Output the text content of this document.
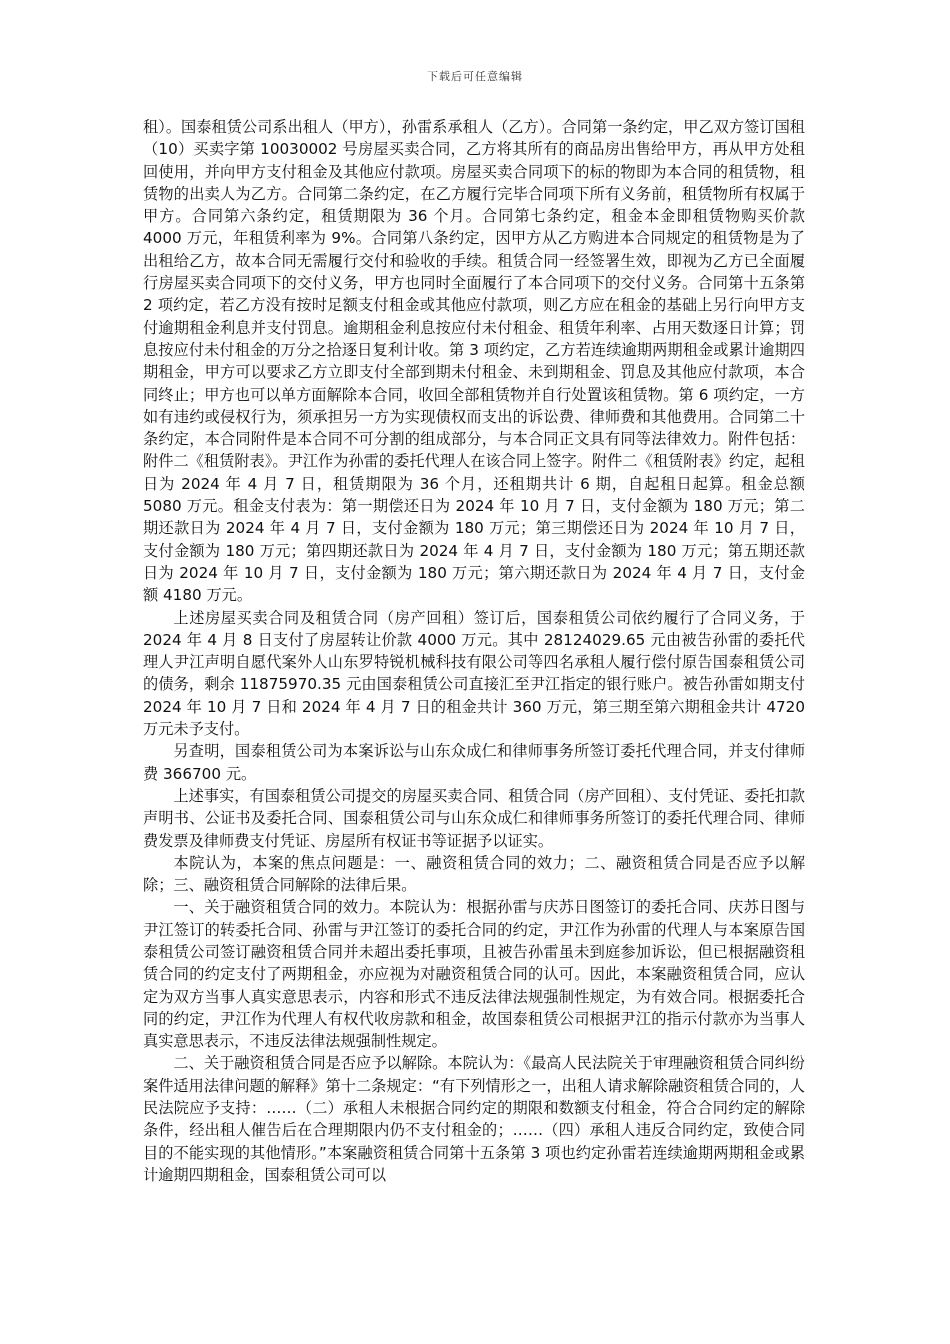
下载后可任意编辑

租）。国泰租赁公司系出租人（甲方），孙雷系承租人（乙方）。合同第一条约定，甲乙双方签订国租（10）买卖字第 10030002 号房屋买卖合同，乙方将其所有的商品房出售给甲方，再从甲方处租回使用，并向甲方支付租金及其他应付款项。房屋买卖合同项下的标的物即为本合同的租赁物，租赁物的出卖人为乙方。合同第二条约定，在乙方履行完毕合同项下所有义务前，租赁物所有权属于甲方。合同第六条约定，租赁期限为 36 个月。合同第七条约定，租金本金即租赁物购买价款 4000 万元，年租赁利率为 9%。合同第八条约定，因甲方从乙方购进本合同规定的租赁物是为了出租给乙方，故本合同无需履行交付和验收的手续。租赁合同一经签署生效，即视为乙方已全面履行房屋买卖合同项下的交付义务，甲方也同时全面履行了本合同项下的交付义务。合同第十五条第 2 项约定，若乙方没有按时足额支付租金或其他应付款项，则乙方应在租金的基础上另行向甲方支付逾期租金利息并支付罚息。逾期租金利息按应付未付租金、租赁年利率、占用天数逐日计算；罚息按应付未付租金的万分之拾逐日复利计收。第 3 项约定，乙方若连续逾期两期租金或累计逾期四期租金，甲方可以要求乙方立即支付全部到期未付租金、未到期租金、罚息及其他应付款项，本合同终止；甲方也可以单方面解除本合同，收回全部租赁物并自行处置该租赁物。第 6 项约定，一方如有违约或侵权行为，须承担另一方为实现债权而支出的诉讼费、律师费和其他费用。合同第二十条约定，本合同附件是本合同不可分割的组成部分，与本合同正文具有同等法律效力。附件包括：附件二《租赁附表》。尹江作为孙雷的委托代理人在该合同上签字。附件二《租赁附表》约定，起租日为 2024 年 4 月 7 日，租赁期限为 36 个月，还租期共计 6 期，自起租日起算。租金总额 5080 万元。租金支付表为：第一期偿还日为 2024 年 10 月 7 日，支付金额为 180 万元；第二期还款日为 2024 年 4 月 7 日，支付金额为 180 万元；第三期偿还日为 2024 年 10 月 7 日，支付金额为 180 万元；第四期还款日为 2024 年 4 月 7 日，支付金额为 180 万元；第五期还款日为 2024 年 10 月 7 日，支付金额为 180 万元；第六期还款日为 2024 年 4 月 7 日，支付金额 4180 万元。

上述房屋买卖合同及租赁合同（房产回租）签订后，国泰租赁公司依约履行了合同义务，于 2024 年 4 月 8 日支付了房屋转让价款 4000 万元。其中 28124029.65 元由被告孙雷的委托代理人尹江声明自愿代案外人山东罗特锐机械科技有限公司等四名承租人履行偿付原告国泰租赁公司的债务，剩余 11875970.35 元由国泰租赁公司直接汇至尹江指定的银行账户。被告孙雷如期支付 2024 年 10 月 7 日和 2024 年 4 月 7 日的租金共计 360 万元，第三期至第六期租金共计 4720 万元未予支付。

另查明，国泰租赁公司为本案诉讼与山东众成仁和律师事务所签订委托代理合同，并支付律师费 366700 元。

上述事实，有国泰租赁公司提交的房屋买卖合同、租赁合同（房产回租）、支付凭证、委托扣款声明书、公证书及委托合同、国泰租赁公司与山东众成仁和律师事务所签订的委托代理合同、律师费发票及律师费支付凭证、房屋所有权证书等证据予以证实。

本院认为，本案的焦点问题是：一、融资租赁合同的效力；二、融资租赁合同是否应予以解除；三、融资租赁合同解除的法律后果。

一、关于融资租赁合同的效力。本院认为：根据孙雷与庆苏日图签订的委托合同、庆苏日图与尹江签订的转委托合同、孙雷与尹江签订的委托合同的约定，尹江作为孙雷的代理人与本案原告国泰租赁公司签订融资租赁合同并未超出委托事项，且被告孙雷虽未到庭参加诉讼，但已根据融资租赁合同的约定支付了两期租金，亦应视为对融资租赁合同的认可。因此，本案融资租赁合同，应认定为双方当事人真实意思表示，内容和形式不违反法律法规强制性规定，为有效合同。根据委托合同的约定，尹江作为代理人有权代收房款和租金，故国泰租赁公司根据尹江的指示付款亦为当事人真实意思表示，不违反法律法规强制性规定。

二、关于融资租赁合同是否应予以解除。本院认为：《最高人民法院关于审理融资租赁合同纠纷案件适用法律问题的解释》第十二条规定：“有下列情形之一，出租人请求解除融资租赁合同的，人民法院应予支持：……（二）承租人未根据合同约定的期限和数额支付租金，符合合同约定的解除条件，经出租人催告后在合理期限内仍不支付租金的；……（四）承租人违反合同约定，致使合同目的不能实现的其他情形。”本案融资租赁合同第十五条第 3 项也约定孙雷若连续逾期两期租金或累计逾期四期租金，国泰租赁公司可以
